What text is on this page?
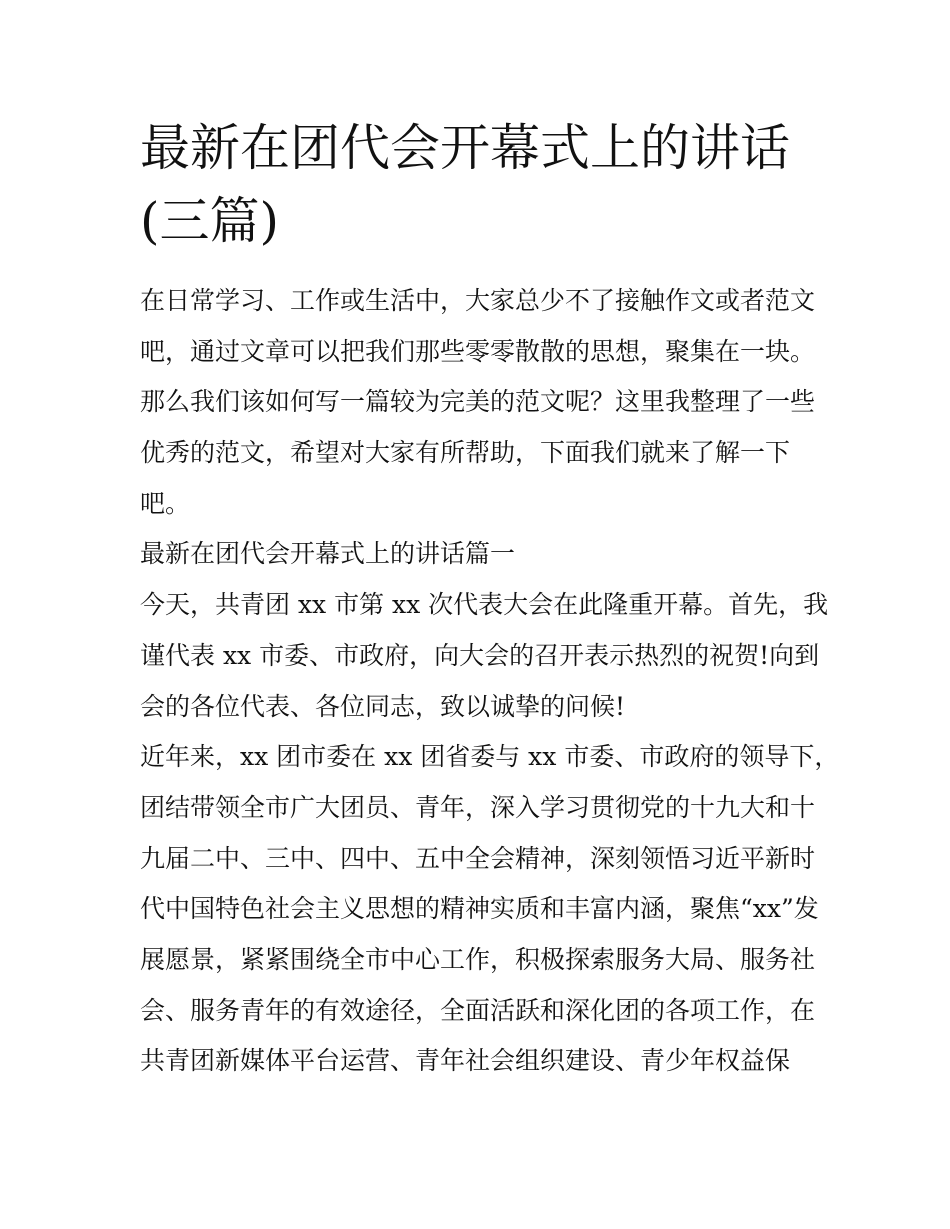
最新在团代会开幕式上的讲话
(三篇)
在日常学习、工作或生活中，大家总少不了接触作文或者范文
吧，通过文章可以把我们那些零零散散的思想，聚集在一块。
那么我们该如何写一篇较为完美的范文呢？这里我整理了一些
优秀的范文，希望对大家有所帮助，下面我们就来了解一下
吧。
最新在团代会开幕式上的讲话篇一
今天，共青团 xx 市第 xx 次代表大会在此隆重开幕。首先，我
谨代表 xx 市委、市政府，向大会的召开表示热烈的祝贺!向到
会的各位代表、各位同志，致以诚挚的问候!
近年来，xx 团市委在 xx 团省委与 xx 市委、市政府的领导下，
团结带领全市广大团员、青年，深入学习贯彻党的十九大和十
九届二中、三中、四中、五中全会精神，深刻领悟习近平新时
代中国特色社会主义思想的精神实质和丰富内涵，聚焦“xx”发
展愿景，紧紧围绕全市中心工作，积极探索服务大局、服务社
会、服务青年的有效途径，全面活跃和深化团的各项工作，在
共青团新媒体平台运营、青年社会组织建设、青少年权益保
